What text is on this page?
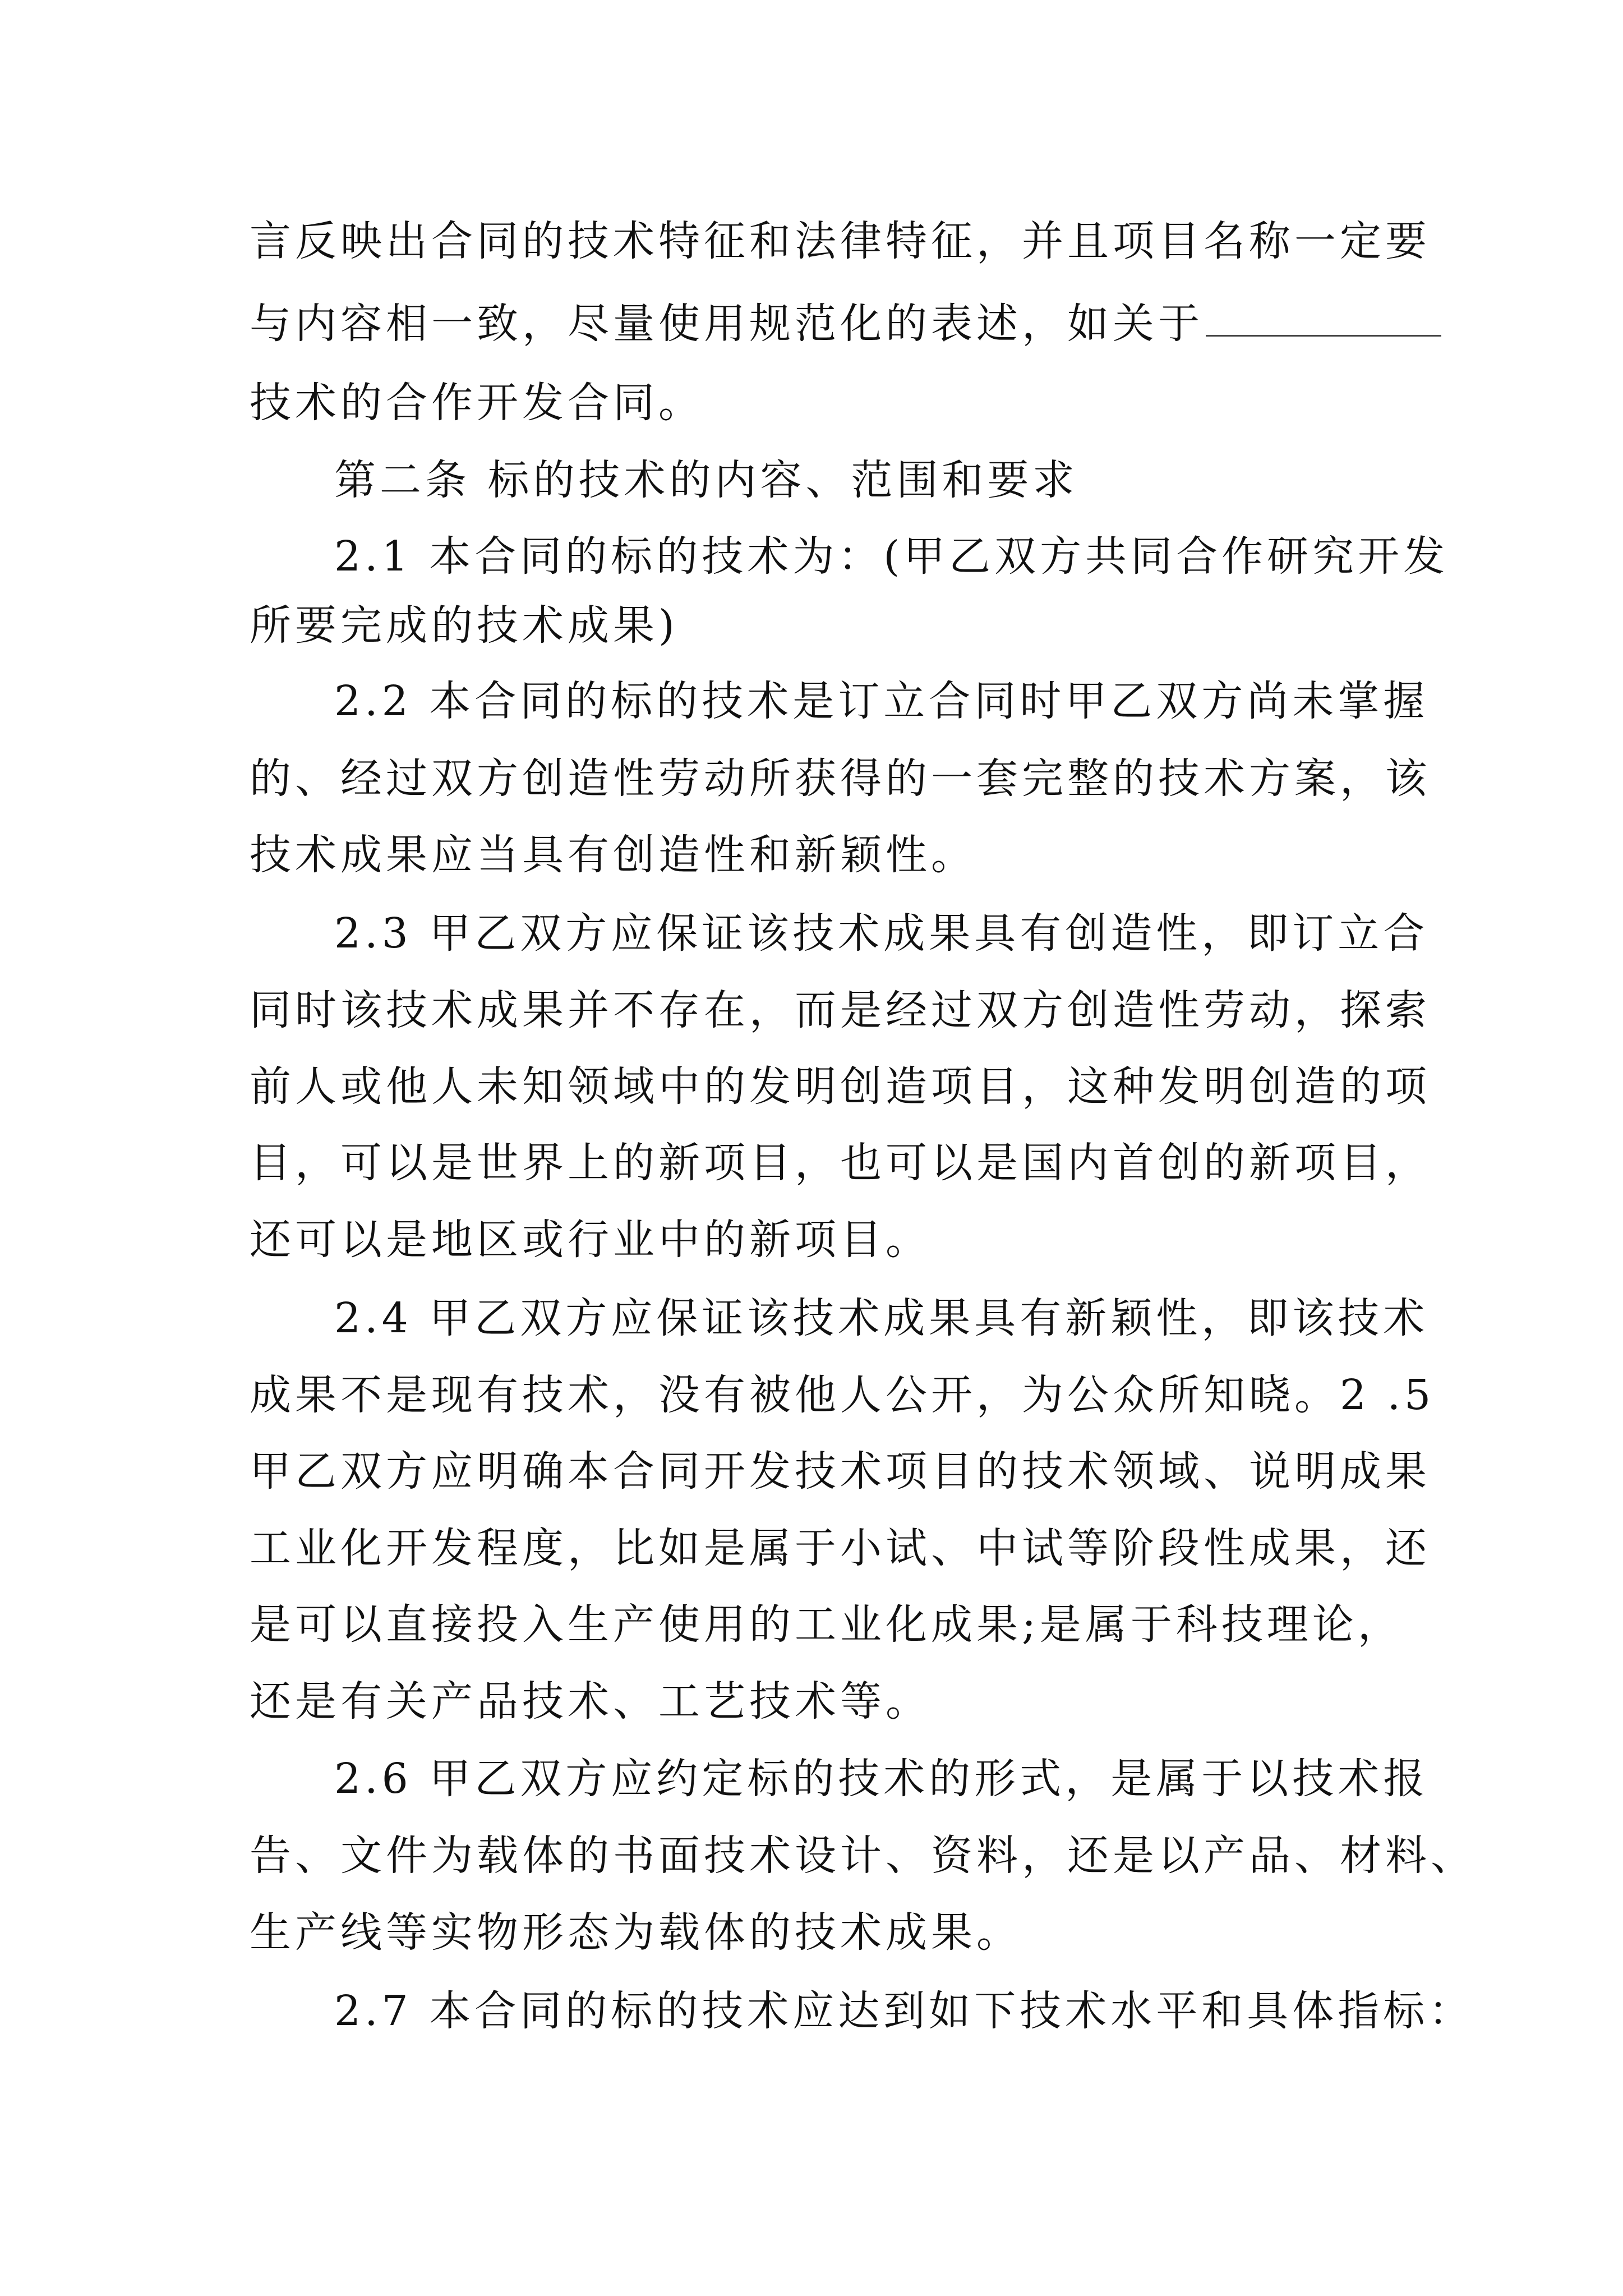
言反映出合同的技术特征和法律特征，并且项目名称一定要
与内容相一致，尽量使用规范化的表述，如关于
技术的合作开发合同。
第二条 标的技术的内容、范围和要求
2.1 本合同的标的技术为：(甲乙双方共同合作研究开发
所要完成的技术成果)
2.2 本合同的标的技术是订立合同时甲乙双方尚未掌握
的、经过双方创造性劳动所获得的一套完整的技术方案，该
技术成果应当具有创造性和新颖性。
2.3 甲乙双方应保证该技术成果具有创造性，即订立合
同时该技术成果并不存在，而是经过双方创造性劳动，探索
前人或他人未知领域中的发明创造项目，这种发明创造的项
目，可以是世界上的新项目，也可以是国内首创的新项目，
还可以是地区或行业中的新项目。
2.4 甲乙双方应保证该技术成果具有新颖性，即该技术
成果不是现有技术，没有被他人公开，为公众所知晓。2 .5
甲乙双方应明确本合同开发技术项目的技术领域、说明成果
工业化开发程度，比如是属于小试、中试等阶段性成果，还
是可以直接投入生产使用的工业化成果;是属于科技理论，
还是有关产品技术、工艺技术等。
2.6 甲乙双方应约定标的技术的形式，是属于以技术报
告、文件为载体的书面技术设计、资料，还是以产品、材料、
生产线等实物形态为载体的技术成果。
2.7 本合同的标的技术应达到如下技术水平和具体指标：
